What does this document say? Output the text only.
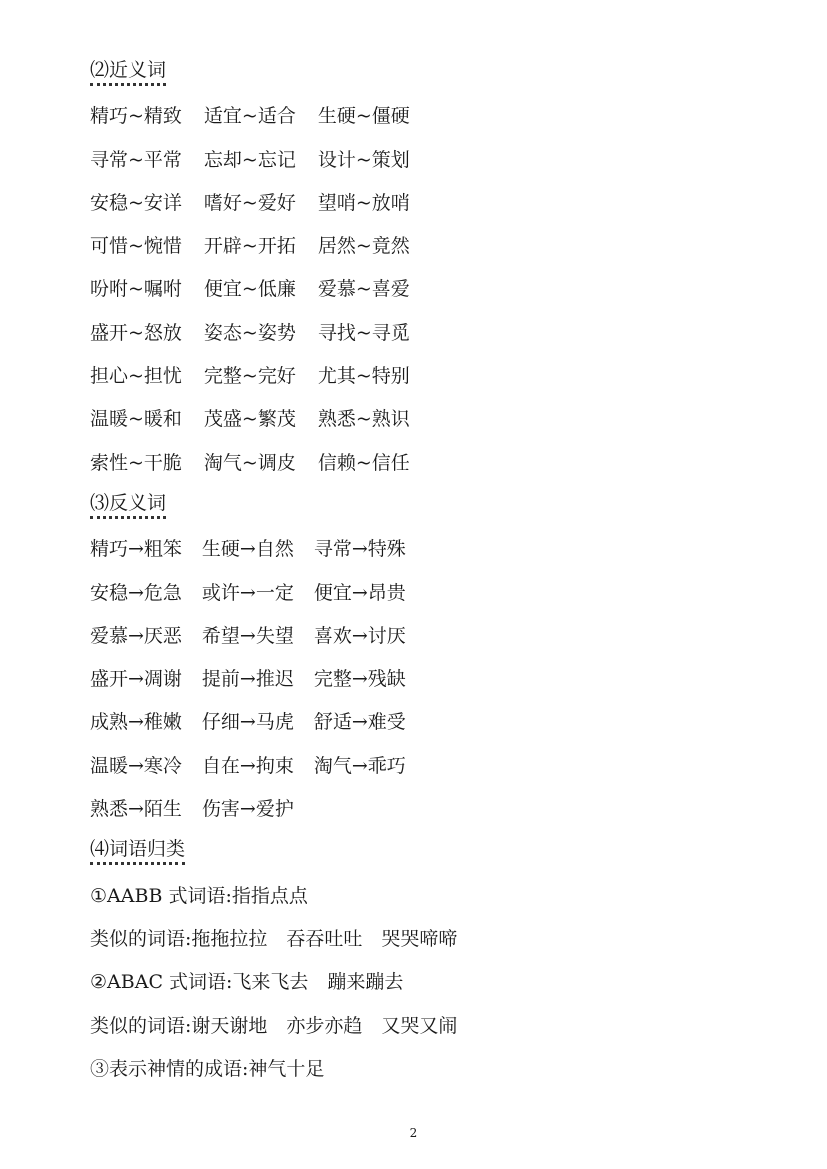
⑵近义词
精巧~精致 适宜~适合 生硬~僵硬
寻常~平常 忘却~忘记 设计~策划
安稳~安详 嗜好~爱好 望哨~放哨
可惜~惋惜 开辟~开拓 居然~竟然
吩咐~嘱咐 便宜~低廉 爱慕~喜爱
盛开~怒放 姿态~姿势 寻找~寻觅
担心~担忧 完整~完好 尤其~特别
温暖~暖和 茂盛~繁茂 熟悉~熟识
索性~干脆 淘气~调皮 信赖~信任
⑶反义词
精巧→粗笨 生硬→自然 寻常→特殊
安稳→危急 或许→一定 便宜→昂贵
爱慕→厌恶 希望→失望 喜欢→讨厌
盛开→凋谢 提前→推迟 完整→残缺
成熟→稚嫩 仔细→马虎 舒适→难受
温暖→寒冷 自在→拘束 淘气→乖巧
熟悉→陌生 伤害→爱护
⑷词语归类
①AABB 式词语:指指点点
类似的词语:拖拖拉拉　吞吞吐吐　哭哭啼啼
②ABAC 式词语:飞来飞去　蹦来蹦去
类似的词语:谢天谢地　亦步亦趋　又哭又闹
③表示神情的成语:神气十足
2
